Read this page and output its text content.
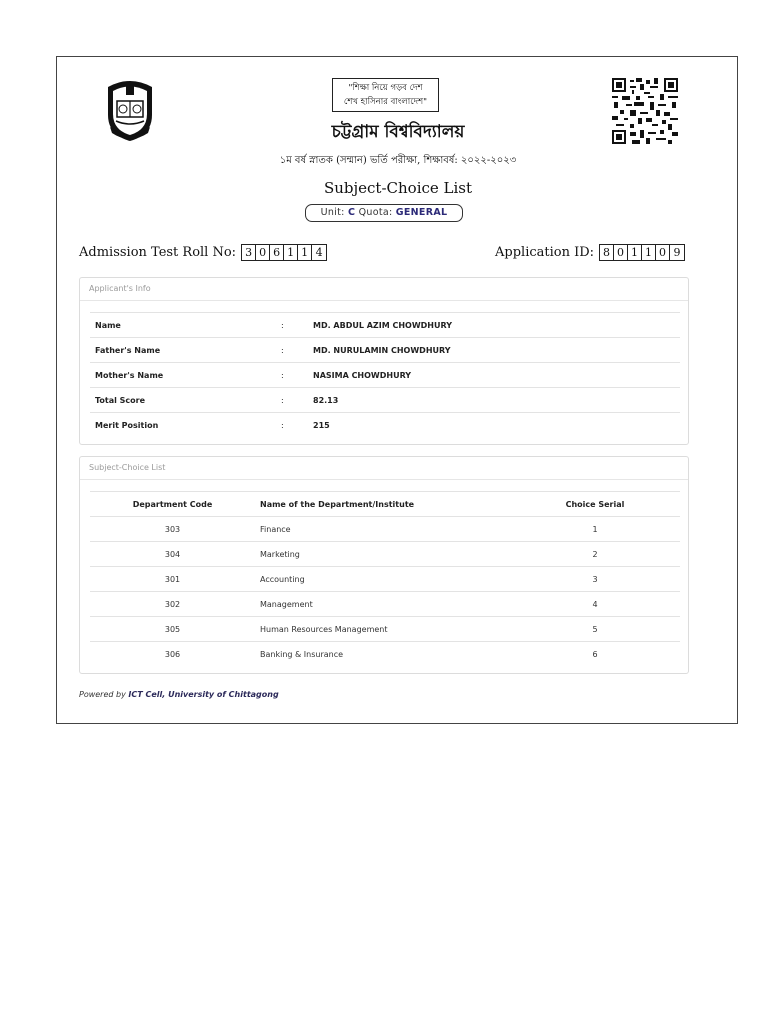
"শিক্ষা নিয়ে গড়ব দেশ
শেখ হাসিনার বাংলাদেশ"
চট্টগ্রাম বিশ্ববিদ্যালয়
১ম বর্ষ স্নাতক (সম্মান) ভর্তি পরীক্ষা, শিক্ষাবর্ষ: ২০২২-২০২৩
Subject-Choice List
Unit: C Quota: GENERAL
Admission Test Roll No: 3 0 6 1 1 4	Application ID: 8 0 1 1 0 9
Applicant's Info
Name	:	MD. ABDUL AZIM CHOWDHURY
Father's Name	:	MD. NURULAMIN CHOWDHURY
Mother's Name	:	NASIMA CHOWDHURY
Total Score	:	82.13
Merit Position	:	215
Subject-Choice List
Department Code	Name of the Department/Institute	Choice Serial
303	Finance	1
304	Marketing	2
301	Accounting	3
302	Management	4
305	Human Resources Management	5
306	Banking & Insurance	6
Powered by ICT Cell, University of Chittagong
